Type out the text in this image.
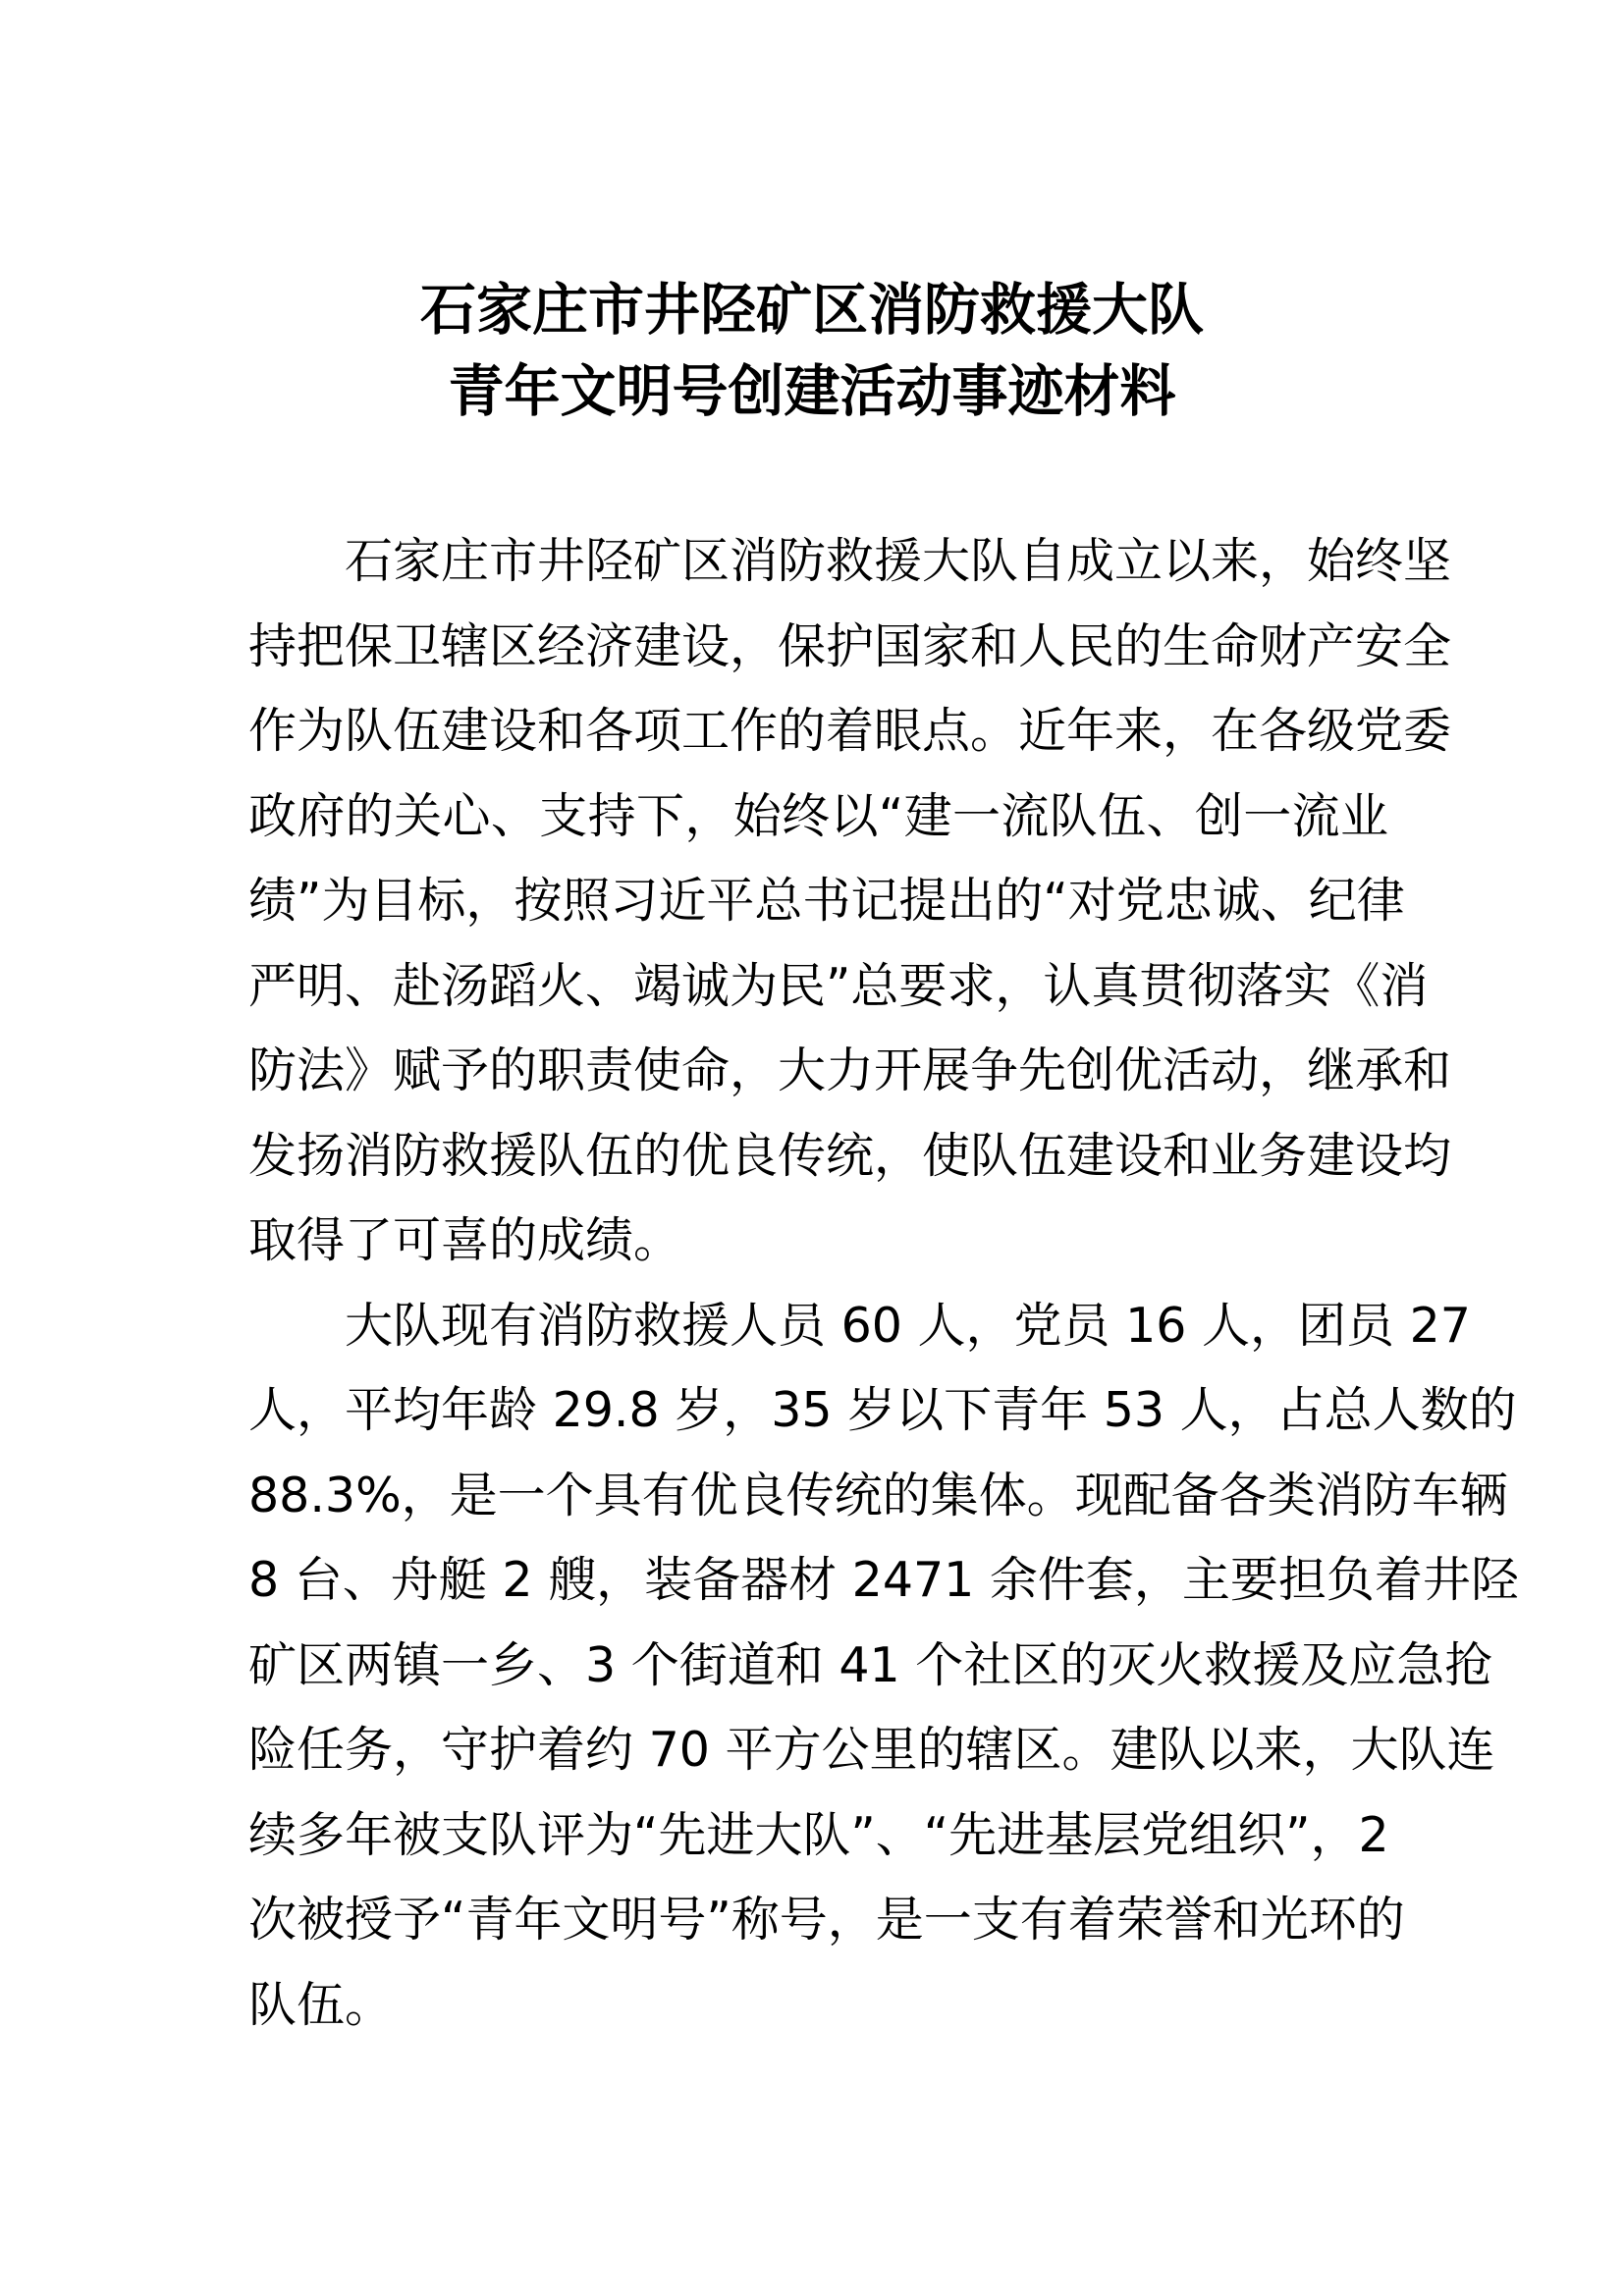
石家庄市井陉矿区消防救援大队
青年文明号创建活动事迹材料
　　石家庄市井陉矿区消防救援大队自成立以来，始终坚
持把保卫辖区经济建设，保护国家和人民的生命财产安全
作为队伍建设和各项工作的着眼点。近年来，在各级党委
政府的关心、支持下，始终以“建一流队伍、创一流业
绩”为目标，按照习近平总书记提出的“对党忠诚、纪律
严明、赴汤蹈火、竭诚为民”总要求，认真贯彻落实《消
防法》赋予的职责使命，大力开展争先创优活动，继承和
发扬消防救援队伍的优良传统，使队伍建设和业务建设均
取得了可喜的成绩。
　　大队现有消防救援人员 60 人，党员 16 人，团员 27
人，平均年龄 29.8 岁，35 岁以下青年 53 人，占总人数的
88.3%，是一个具有优良传统的集体。现配备各类消防车辆
8 台、舟艇 2 艘，装备器材 2471 余件套，主要担负着井陉
矿区两镇一乡、3 个街道和 41 个社区的灭火救援及应急抢
险任务，守护着约 70 平方公里的辖区。建队以来，大队连
续多年被支队评为“先进大队”、“先进基层党组织”，2
次被授予“青年文明号”称号，是一支有着荣誉和光环的
队伍。
